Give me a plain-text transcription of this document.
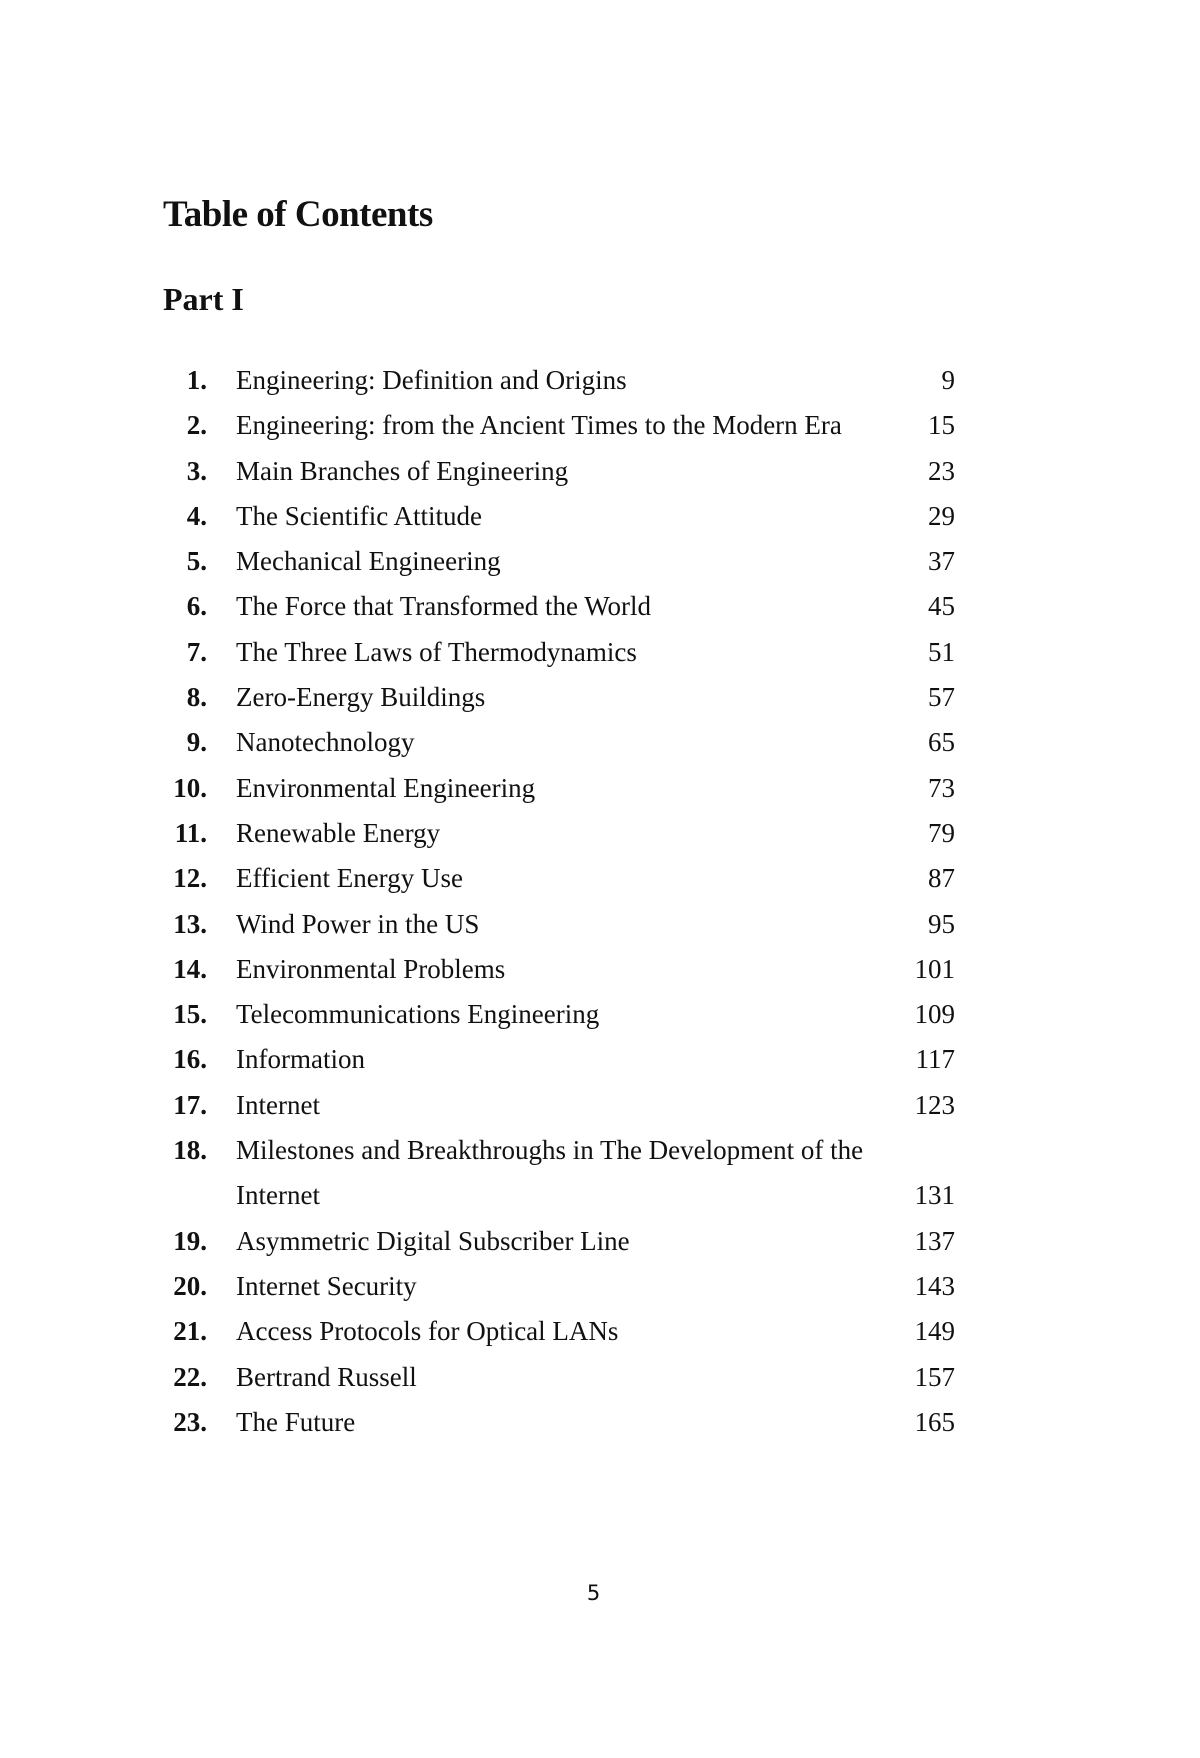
Table of Contents
Part I
1. Engineering: Definition and Origins	9
2. Engineering: from the Ancient Times to the Modern Era	15
3. Main Branches of Engineering	23
4. The Scientific Attitude	29
5. Mechanical Engineering	37
6. The Force that Transformed the World	45
7. The Three Laws of Thermodynamics	51
8. Zero-Energy Buildings	57
9. Nanotechnology	65
10. Environmental Engineering	73
11. Renewable Energy	79
12. Efficient Energy Use	87
13. Wind Power in the US	95
14. Environmental Problems	101
15. Telecommunications Engineering	109
16. Information	117
17. Internet	123
18. Milestones and Breakthroughs in The Development of the Internet	131
19. Asymmetric Digital Subscriber Line	137
20. Internet Security	143
21. Access Protocols for Optical LANs	149
22. Bertrand Russell	157
23. The Future	165
5
